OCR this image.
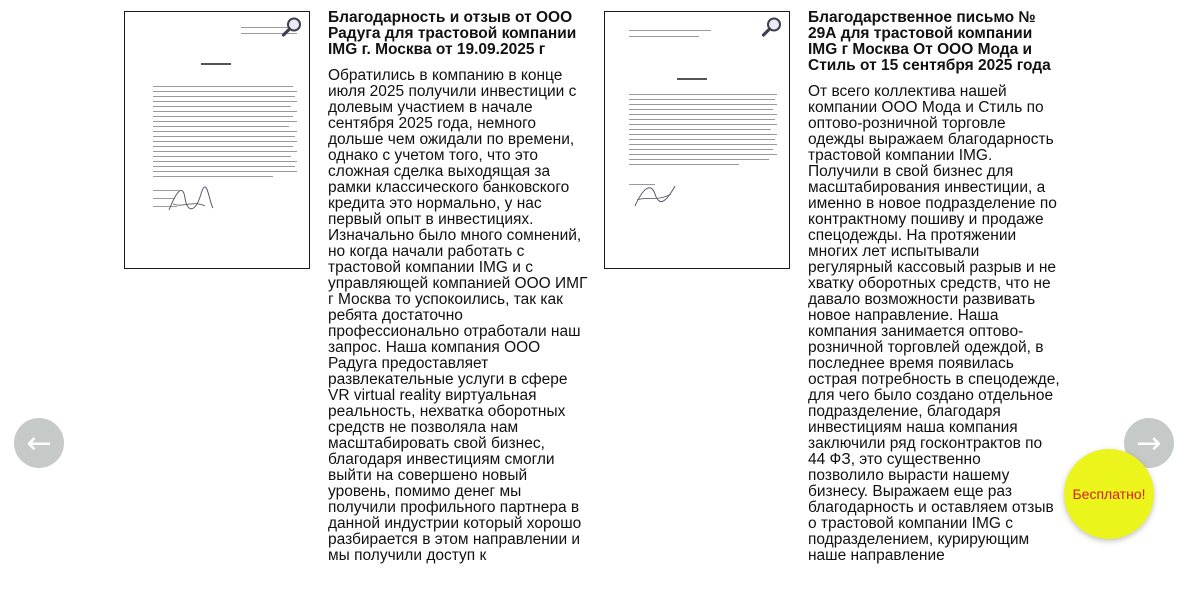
Благодарность и отзыв от ООО Радуга для трастовой компании IMG г. Москва от 19.09.2025 г

Обратились в компанию в конце июля 2025 получили инвестиции с долевым участием в начале сентября 2025 года, немного дольше чем ожидали по времени, однако с учетом того, что это сложная сделка выходящая за рамки классического банковского кредита это нормально, у нас первый опыт в инвестициях. Изначально было много сомнений, но когда начали работать с трастовой компании IMG и с управляющей компанией ООО ИМГ г Москва то успокоились, так как ребята достаточно профессионально отработали наш запрос. Наша компания ООО Радуга предоставляет развлекательные услуги в сфере VR virtual reality виртуальная реальность, нехватка оборотных средств не позволяла нам масштабировать свой бизнес, благодаря инвестициям смогли выйти на совершено новый уровень, помимо денег мы получили профильного партнера в данной индустрии который хорошо разбирается в этом направлении и мы получили доступ к

Благодарственное письмо № 29А для трастовой компании IMG г Москва От ООО Мода и Стиль от 15 сентября 2025 года

От всего коллектива нашей компании ООО Мода и Стиль по оптово-розничной торговле одежды выражаем благодарность трастовой компании IMG. Получили в свой бизнес для масштабирования инвестиции, а именно в новое подразделение по контрактному пошиву и продаже спецодежды. На протяжении многих лет испытывали регулярный кассовый разрыв и не хватку оборотных средств, что не давало возможности развивать новое направление. Наша компания занимается оптово-розничной торговлей одеждой, в последнее время появилась острая потребность в спецодежде, для чего было создано отдельное подразделение, благодаря инвестициям наша компания заключили ряд госконтрактов по 44 ФЗ, это существенно позволило вырасти нашему бизнесу. Выражаем еще раз благодарность и оставляем отзыв о трастовой компании IMG с подразделением, курирующим наше направление

←	→
Бесплатно!
